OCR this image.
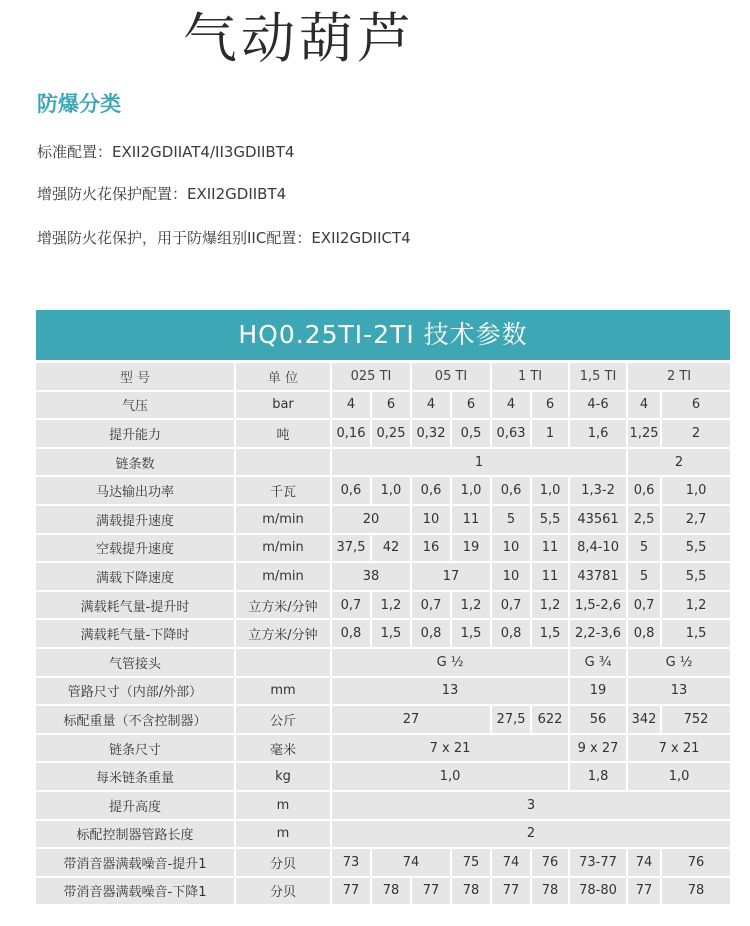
气动葫芦
防爆分类
标准配置：EXII2GDIIAT4/II3GDIIBT4
增强防火花保护配置：EXII2GDIIBT4
增强防火花保护，用于防爆组别IIC配置：EXII2GDIICT4
HQ0.25TI-2TI 技术参数
型 号	单 位	025 TI		05 TI		1 TI		1,5 TI	2 TI	
气压	bar	4	6	4	6	4	6	4-6	4	6
提升能力	吨	0,16	0,25	0,32	0,5	0,63	1	1,6	1,25	2
链条数		1							2	
马达输出功率	千瓦	0,6	1,0	0,6	1,0	0,6	1,0	1,3-2	0,6	1,0
满载提升速度	m/min	20		10	11	5	5,5	43561	2,5	2,7
空载提升速度	m/min	37,5	42	16	19	10	11	8,4-10	5	5,5
满载下降速度	m/min	38		17		10	11	43781	5	5,5
满载耗气量-提升时	立方米/分钟	0,7	1,2	0,7	1,2	0,7	1,2	1,5-2,6	0,7	1,2
满载耗气量-下降时	立方米/分钟	0,8	1,5	0,8	1,5	0,8	1,5	2,2-3,6	0,8	1,5
气管接头		G ½						G ¾	G ½	
管路尺寸（内部/外部）	mm	13						19	13	
标配重量（不含控制器）	公斤	27				27,5	622	56	342	752
链条尺寸	毫米	7 x 21						9 x 27	7 x 21	
每米链条重量	kg	1,0						1,8	1,0	
提升高度	m	3								
标配控制器管路长度	m	2								
带消音器满载噪音-提升1	分贝	73	74		75	74	76	73-77	74	76
带消音器满载噪音-下降1	分贝	77	78	77	78	77	78	78-80	77	78
